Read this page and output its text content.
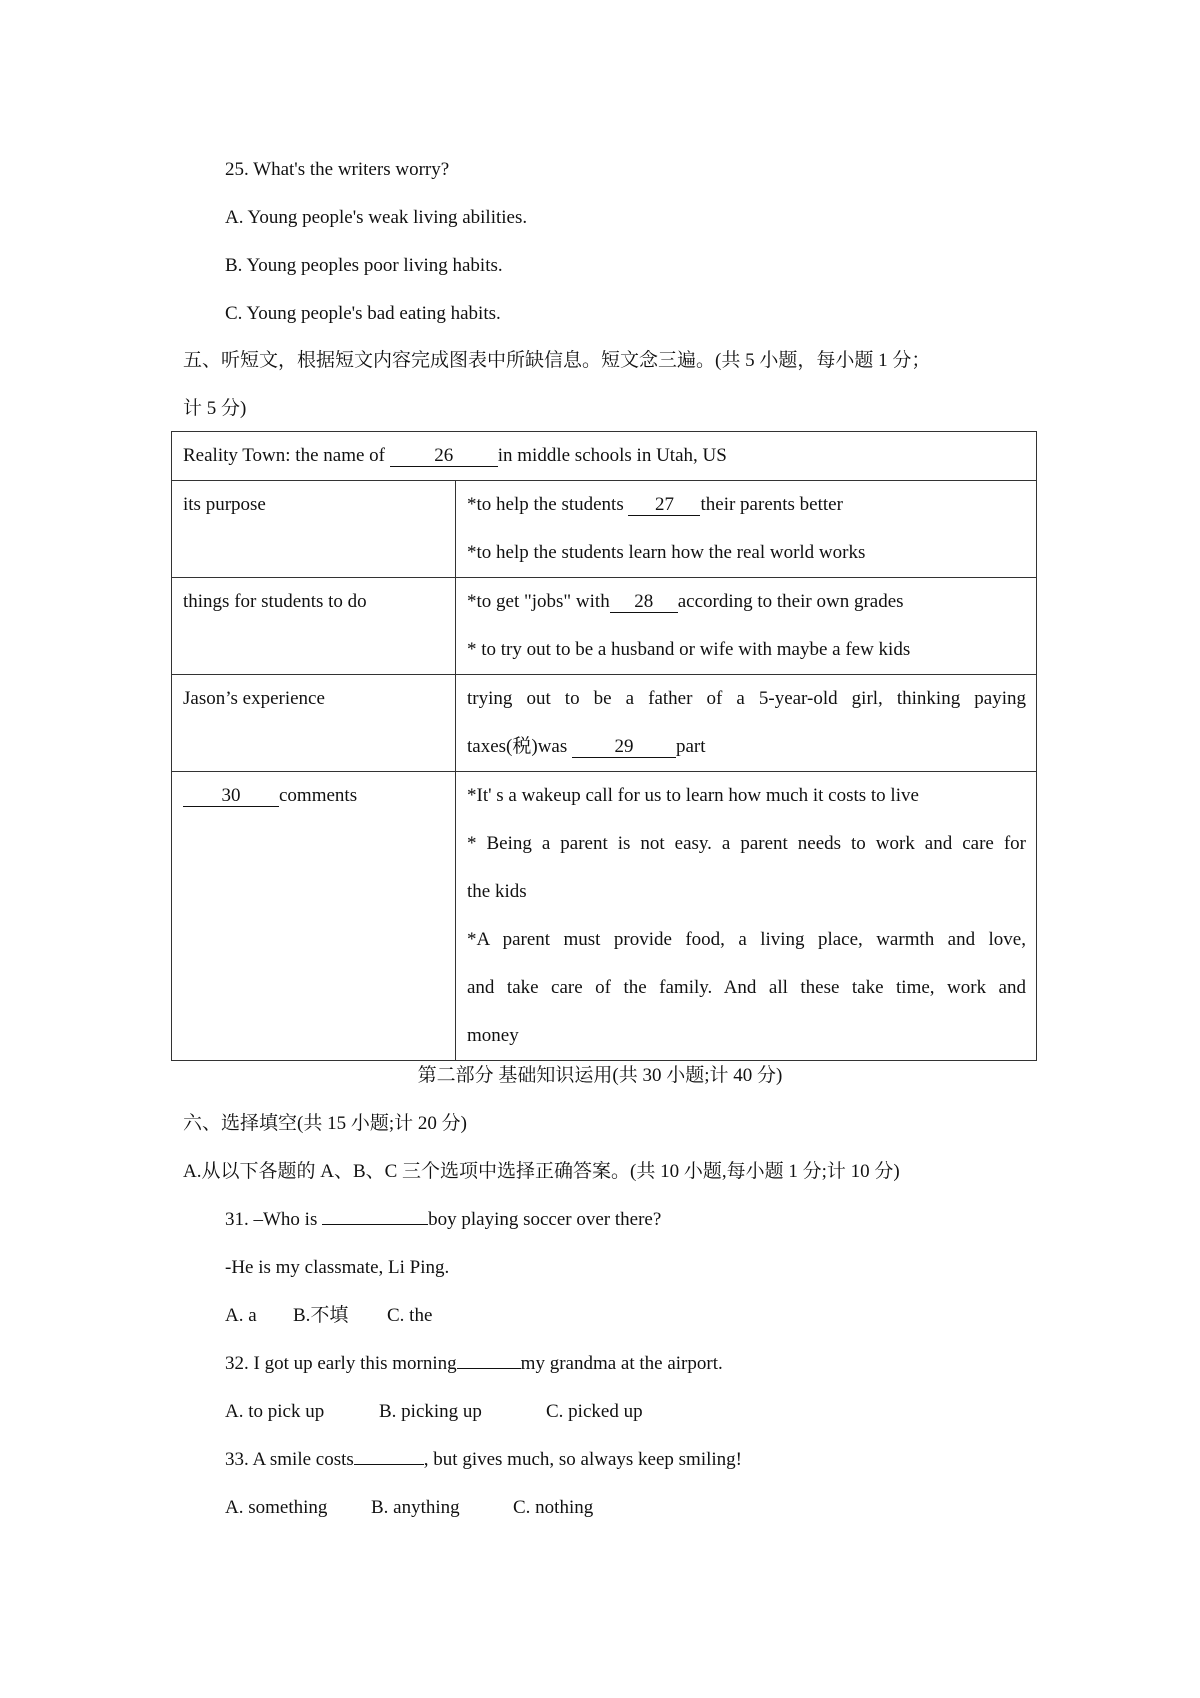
25. What's the writers worry?
A. Young people's weak living abilities.
B. Young peoples poor living habits.
C. Young people's bad eating habits.
五、听短文，根据短文内容完成图表中所缺信息。短文念三遍。(共 5 小题，每小题 1 分；
计 5 分)
Reality Town: the name of 26 in middle schools in Utah, US

its purpose	*to help the students 27 their parents better

*to help the students learn how the real world works

things for students to do	*to get "jobs" with 28 according to their own grades

* to try out to be a husband or wife with maybe a few kids

Jason’s experience	trying out to be a father of a 5-year-old girl, thinking paying

taxes(税)was 29 part

30 comments	*It' s a wakeup call for us to learn how much it costs to live

* Being a parent is not easy. a parent needs to work and care for

the kids

*A parent must provide food, a living place, warmth and love,

and take care of the family. And all these take time, work and

money

第二部分 基础知识运用(共 30 小题;计 40 分)
六、选择填空(共 15 小题;计 20 分)
A.从以下各题的 A、B、C 三个选项中选择正确答案。(共 10 小题,每小题 1 分;计 10 分)
31. –Who is	boy playing soccer over there?
-He is my classmate, Li Ping.
A. a B.不填 C. the
32. I got up early this morning	my grandma at the airport.
A. to pick up	B. picking up	C. picked up
33. A smile costs	, but gives much, so always keep smiling!
A. something B. anything	C. nothing
